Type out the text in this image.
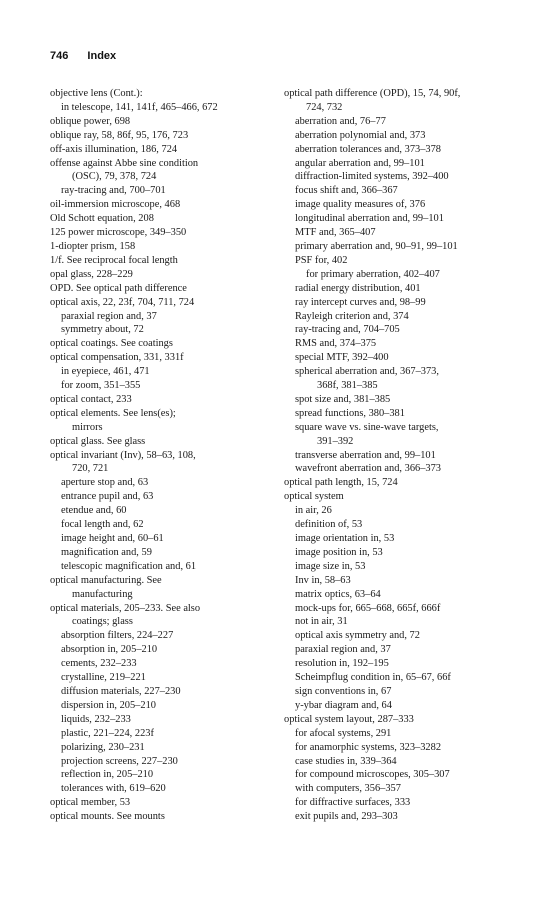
746 Index
objective lens (Cont.):
in telescope, 141, 141f, 465–466, 672
oblique power, 698
oblique ray, 58, 86f, 95, 176, 723
off-axis illumination, 186, 724
offense against Abbe sine condition
(OSC), 79, 378, 724
ray-tracing and, 700–701
oil-immersion microscope, 468
Old Schott equation, 208
125 power microscope, 349–350
1-diopter prism, 158
1/f. See reciprocal focal length
opal glass, 228–229
OPD. See optical path difference
optical axis, 22, 23f, 704, 711, 724
paraxial region and, 37
symmetry about, 72
optical coatings. See coatings
optical compensation, 331, 331f
in eyepiece, 461, 471
for zoom, 351–355
optical contact, 233
optical elements. See lens(es);
mirrors
optical glass. See glass
optical invariant (Inv), 58–63, 108,
720, 721
aperture stop and, 63
entrance pupil and, 63
etendue and, 60
focal length and, 62
image height and, 60–61
magnification and, 59
telescopic magnification and, 61
optical manufacturing. See
manufacturing
optical materials, 205–233. See also
coatings; glass
absorption filters, 224–227
absorption in, 205–210
cements, 232–233
crystalline, 219–221
diffusion materials, 227–230
dispersion in, 205–210
liquids, 232–233
plastic, 221–224, 223f
polarizing, 230–231
projection screens, 227–230
reflection in, 205–210
tolerances with, 619–620
optical member, 53
optical mounts. See mounts
optical path difference (OPD), 15, 74, 90f,
724, 732
aberration and, 76–77
aberration polynomial and, 373
aberration tolerances and, 373–378
angular aberration and, 99–101
diffraction-limited systems, 392–400
focus shift and, 366–367
image quality measures of, 376
longitudinal aberration and, 99–101
MTF and, 365–407
primary aberration and, 90–91, 99–101
PSF for, 402
for primary aberration, 402–407
radial energy distribution, 401
ray intercept curves and, 98–99
Rayleigh criterion and, 374
ray-tracing and, 704–705
RMS and, 374–375
special MTF, 392–400
spherical aberration and, 367–373,
368f, 381–385
spot size and, 381–385
spread functions, 380–381
square wave vs. sine-wave targets,
391–392
transverse aberration and, 99–101
wavefront aberration and, 366–373
optical path length, 15, 724
optical system
in air, 26
definition of, 53
image orientation in, 53
image position in, 53
image size in, 53
Inv in, 58–63
matrix optics, 63–64
mock-ups for, 665–668, 665f, 666f
not in air, 31
optical axis symmetry and, 72
paraxial region and, 37
resolution in, 192–195
Scheimpflug condition in, 65–67, 66f
sign conventions in, 67
y-ybar diagram and, 64
optical system layout, 287–333
for afocal systems, 291
for anamorphic systems, 323–3282
case studies in, 339–364
for compound microscopes, 305–307
with computers, 356–357
for diffractive surfaces, 333
exit pupils and, 293–303
